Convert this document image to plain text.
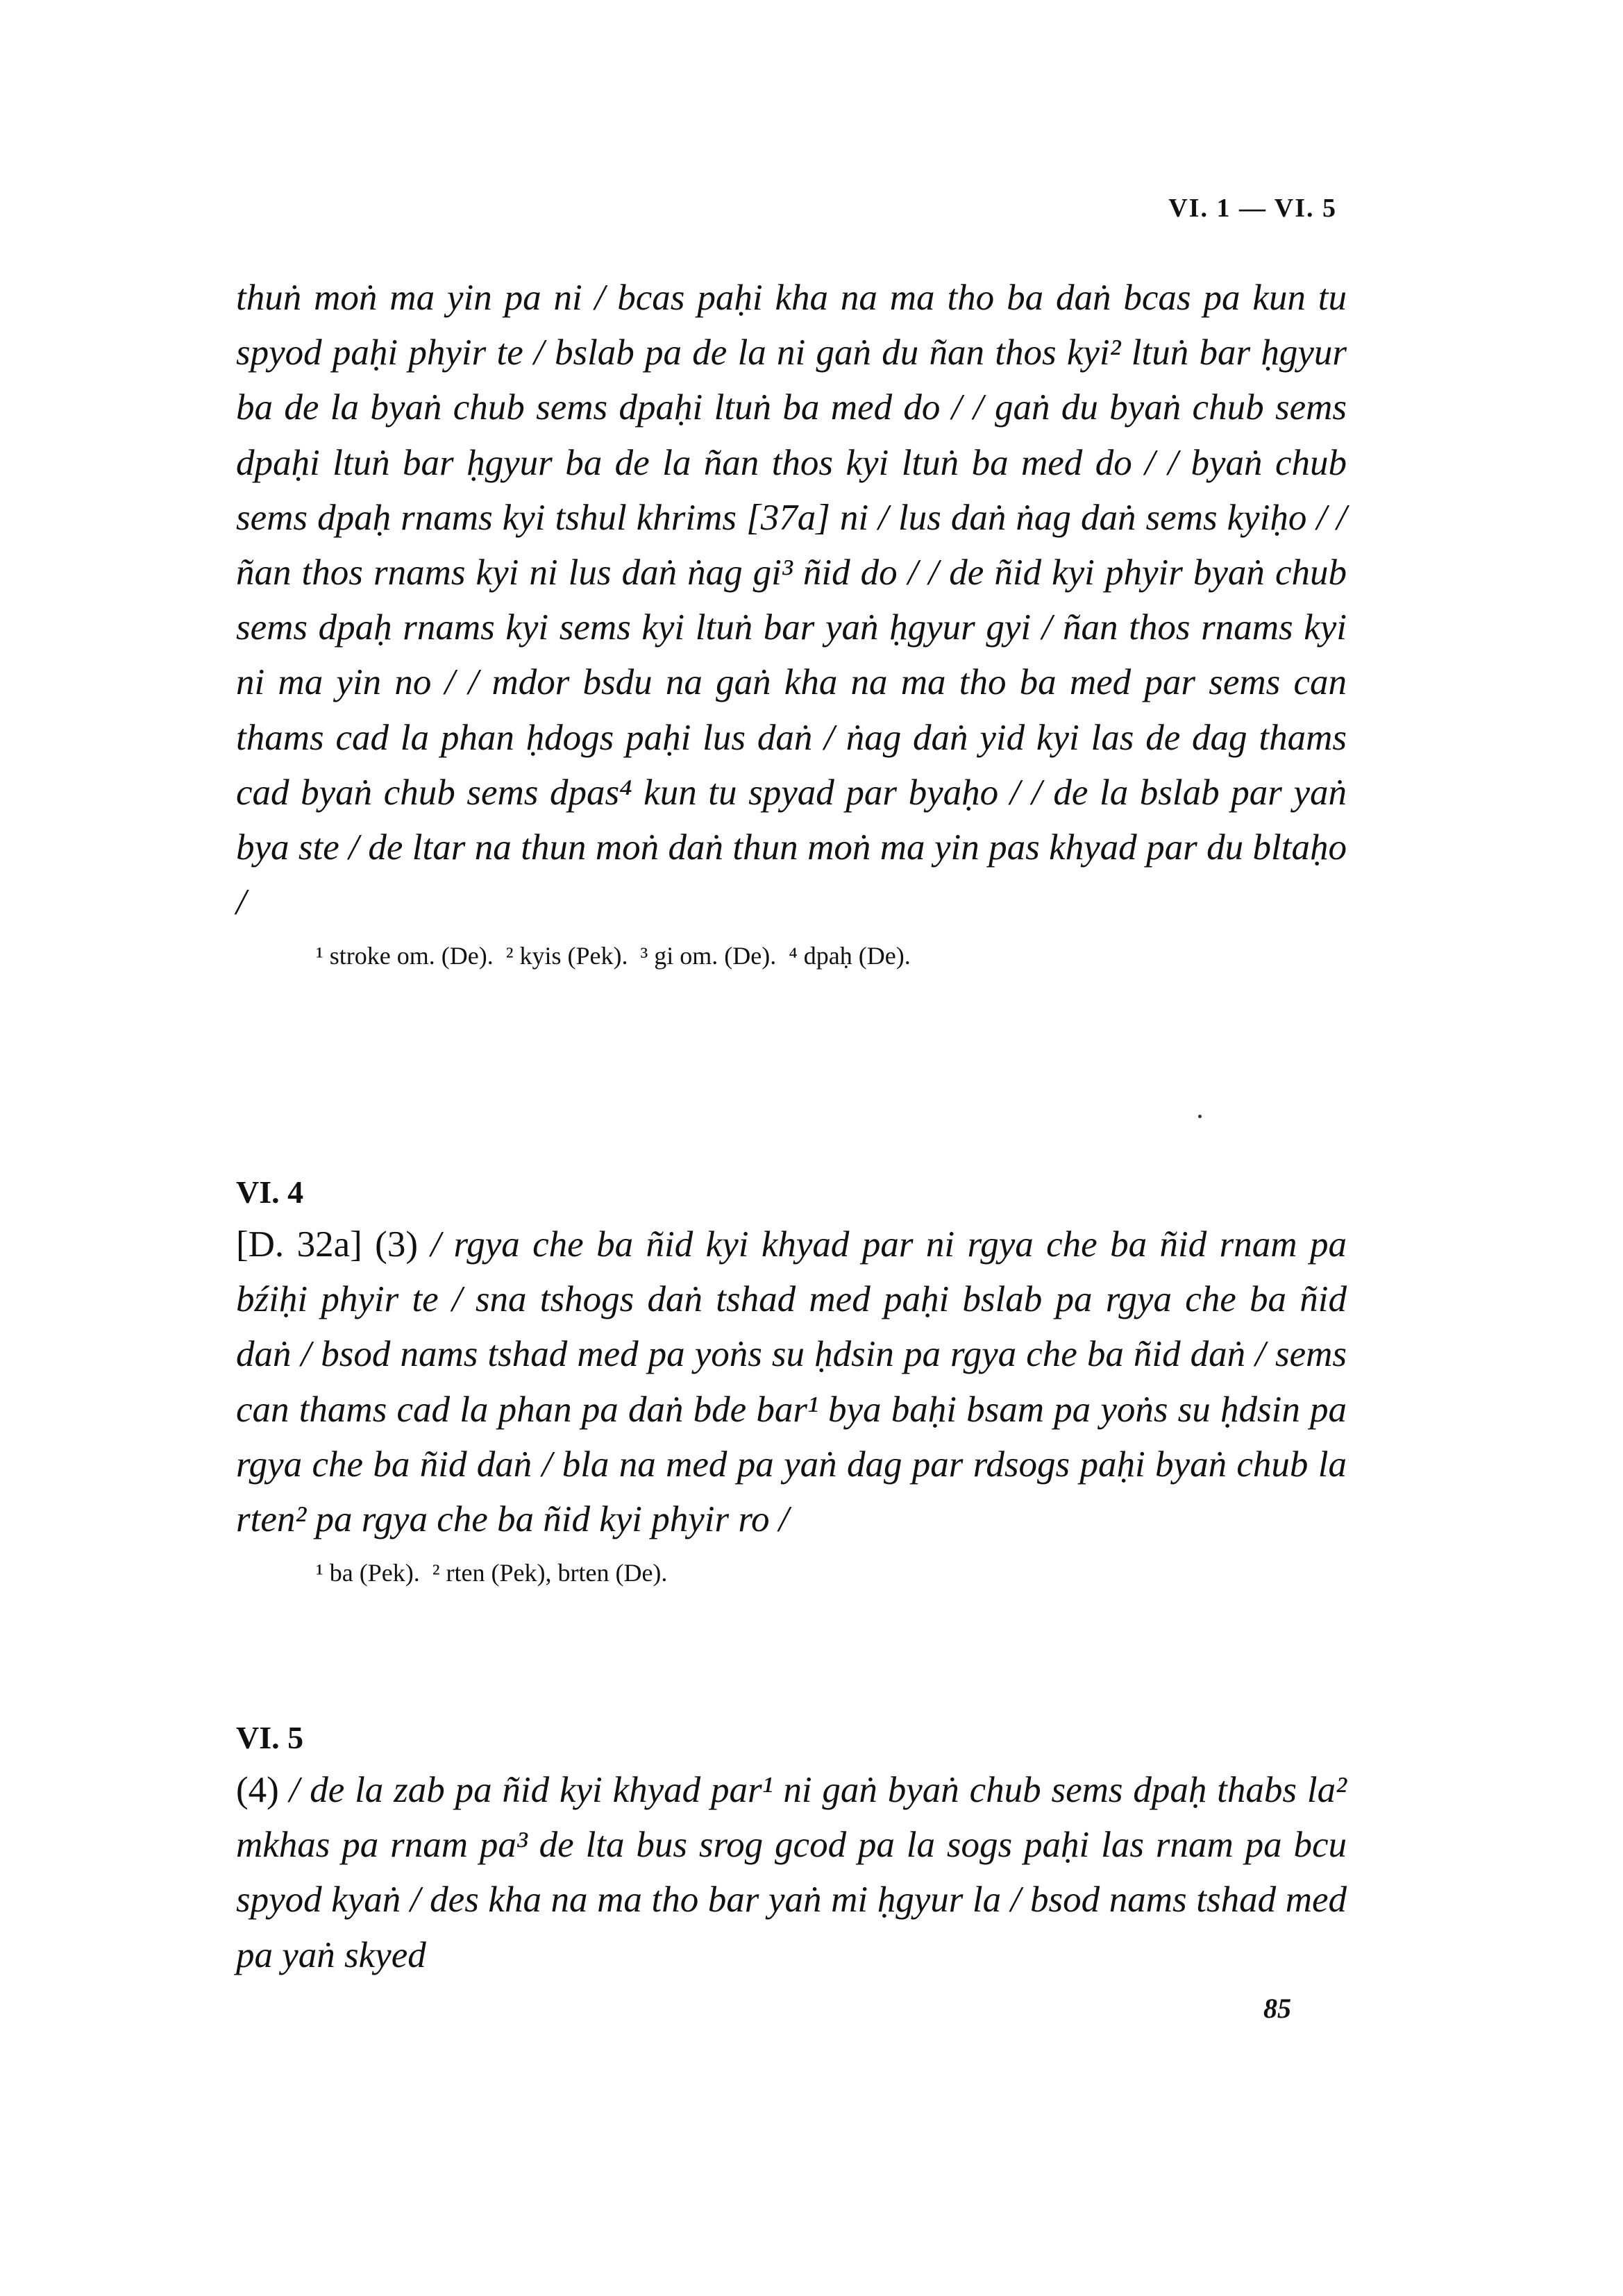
VI. 1 — VI. 5

thuṅ moṅ ma yin pa ni / bcas paḥi kha na ma tho ba daṅ bcas pa kun tu spyod paḥi phyir te / bslab pa de la ni gaṅ du ñan thos kyi² ltuṅ bar ḥgyur ba de la byaṅ chub sems dpaḥi ltuṅ ba med do / / gaṅ du byaṅ chub sems dpaḥi ltuṅ bar ḥgyur ba de la ñan thos kyi ltuṅ ba med do / / byaṅ chub sems dpaḥ rnams kyi tshul khrims [37a] ni / lus daṅ ṅag daṅ sems kyiḥo / / ñan thos rnams kyi ni lus daṅ ṅag gi³ ñid do / / de ñid kyi phyir byaṅ chub sems dpaḥ rnams kyi sems kyi ltuṅ bar yaṅ ḥgyur gyi / ñan thos rnams kyi ni ma yin no / / mdor bsdu na gaṅ kha na ma tho ba med par sems can thams cad la phan ḥdogs paḥi lus daṅ / ṅag daṅ yid kyi las de dag thams cad byaṅ chub sems dpas⁴ kun tu spyad par byaḥo / / de la bslab par yaṅ bya ste / de ltar na thun moṅ daṅ thun moṅ ma yin pas khyad par du bltaḥo /

¹ stroke om. (De).  ² kyis (Pek).  ³ gi om. (De).  ⁴ dpaḥ (De).

VI. 4

[D. 32a] (3) / rgya che ba ñid kyi khyad par ni rgya che ba ñid rnam pa bźiḥi phyir te / sna tshogs daṅ tshad med paḥi bslab pa rgya che ba ñid daṅ / bsod nams tshad med pa yoṅs su ḥdsin pa rgya che ba ñid daṅ / sems can thams cad la phan pa daṅ bde bar¹ bya baḥi bsam pa yoṅs su ḥdsin pa rgya che ba ñid daṅ / bla na med pa yaṅ dag par rdsogs paḥi byaṅ chub la rten² pa rgya che ba ñid kyi phyir ro /

¹ ba (Pek).  ² rten (Pek), brten (De).

VI. 5

(4) / de la zab pa ñid kyi khyad par¹ ni gaṅ byaṅ chub sems dpaḥ thabs la² mkhas pa rnam pa³ de lta bus srog gcod pa la sogs paḥi las rnam pa bcu spyod kyaṅ / des kha na ma tho bar yaṅ mi ḥgyur la / bsod nams tshad med pa yaṅ skyed

85
